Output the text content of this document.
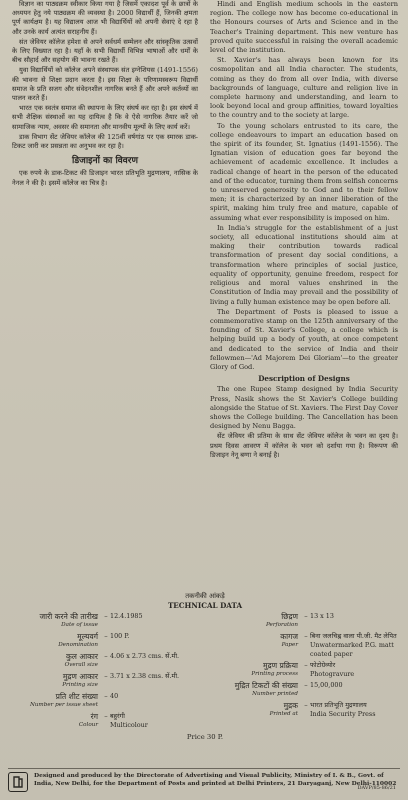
विज्ञान का पाठ्यक्रम स्वीकार किया गया है जिसमें एकादश पूर्व के छात्रों के अध्ययन हेतु नये पाठ्यक्रम की व्यवस्था है। 2000 विद्यार्थी हैं, जिनकी क्षमता पूर्ण कार्यक्षम है। यह विद्यालय आज भी विद्यार्थियों को अपनी सेवाएं दे रहा है और उनके कार्य अत्यंत सराहनीय हैं।

संत जेवियर कॉलेज हमेशा से अपने सर्वधर्म सम्मेलन और सांस्कृतिक उत्सवों के लिए विख्यात रहा है। यहाँ के सभी विद्यार्थी विभिन्न भाषाओं और धर्मों के बीच सौहार्द और सहयोग की भावना रखते हैं।

युवा विद्यार्थियों को कॉलेज अपने संस्थापक संत इग्नेशियस (1491-1556) की भावना से शिक्षा प्रदान करता है। इस शिक्षा के परिणामस्वरूप विद्यार्थी समाज के प्रति सजग और संवेदनशील नागरिक बनते हैं और अपने कर्तव्यों का पालन करते हैं।

भारत एक स्वतंत्र समाज की स्थापना के लिए संघर्ष कर रहा है। इस संघर्ष में सभी शैक्षिक संस्थाओं का यह दायित्व है कि वे ऐसे नागरिक तैयार करें जो सामाजिक न्याय, अवसर की समानता और मानवीय मूल्यों के लिए कार्य करें।

डाक विभाग सेंट जेवियर कॉलेज की 125वीं वर्षगांठ पर एक स्मारक डाक-टिकट जारी कर प्रसन्नता का अनुभव कर रहा है।

डिजाइनों का विवरण

एक रुपये के डाक-टिकट की डिजाइन भारत प्रतिभूति मुद्रणालय, नासिक के नेनल ने की है। इसमें कॉलेज का चित्र है।

Hindi and English medium schools in the eastern region. The college now has become co-educational in the Honours courses of Arts and Science and in the Teacher's Training department. This new venture has proved quite successful in raising the overall academic level of the institution.

St. Xavier's has always been known for its cosmopolitan and all India character. The students, coming as they do from all over India, with diverse backgrounds of language, culture and religion live in complete harmony and understanding, and learn to look beyond local and group affinities, toward loyalties to the country and to the society at large.

To the young scholars entrusted to its care, the college endeavours to impart an education based on the spirit of its founder, St. Ignatius (1491-1556). The Ignatian vision of education goes far beyond the achievement of academic excellence. It includes a radical change of heart in the person of the educated and of the educator, turning them from selfish concerns to unreserved generosity to God and to their fellow men; it is characterized by an inner liberation of the spirit, making him truly free and mature, capable of assuming what ever responsibility is imposed on him.

In India's struggle for the establishment of a just society, all educational institutions should aim at making their contribution towards radical transformation of present day social conditions, a transformation where principles of social justice, equality of opportunity, genuine freedom, respect for religious and moral values enshrined in the Constitution of India may prevail and the possibility of living a fully human existence may be open before all.

The Department of Posts is pleased to issue a commemorative stamp on the 125th anniversary of the founding of St. Xavier's College, a college which is helping build up a body of youth, at once competent and dedicated to the service of India and their fellowmen—'Ad Majorem Dei Gloriam'—to the greater Glory of God.

Description of Designs

The one Rupee Stamp designed by India Security Press, Nasik shows the St Xavier's College building alongside the Statue of St. Xaviers. The First Day Cover shows the College building. The Cancellation has been designed by Nenu Bagga.

सेंट जेवियर की प्रतिमा के साथ सेंट जेवियर कॉलेज के भवन का दृश्य है। प्रथम दिवस आवरण में कॉलेज के भवन को दर्शाया गया है। विरूपण की डिजाइन नेनू बग्गा ने बनाई है।

तकनीकी आंकड़े
TECHNICAL DATA
जारी करने की तारीख
Date of issue
– 12.4.1985
मूल्यवर्ग
Denomination
– 100 P.
कुल आकार
Overall size
– 4.06 x 2.73 cms. सें.मी.
मुद्रण आकार
Printing size
– 3.71 x 2.38 cms. सें.मी.
प्रति शीट संख्या
Number per issue sheet
– 40
रंग
Colour
– बहुरंगी
Multicolour
छिद्रण
Perforation
– 13 x 13
कागज
Paper
– बिना जलचिह्न वाला पी.जी. मैट लेपित
Unwatermarked P.G. matt coated paper
मुद्रण प्रक्रिया
Printing process
– फोटोग्रेव्योर
Photogravure
मुद्रित टिकटों की संख्या
Number printed
– 15,00,000
मुद्रक
Printed at
– भारत प्रतिभूति मुद्रणालय
India Security Press
Price 30 P.
Designed and produced by the Directorate of Advertising and Visual Publicity, Ministry of I. & B., Govt. of India, New Delhi, for the Department of Posts and printed at Delhi Printers, 21 Daryaganj, New Delhi-110002
DAVP/85-86/21
